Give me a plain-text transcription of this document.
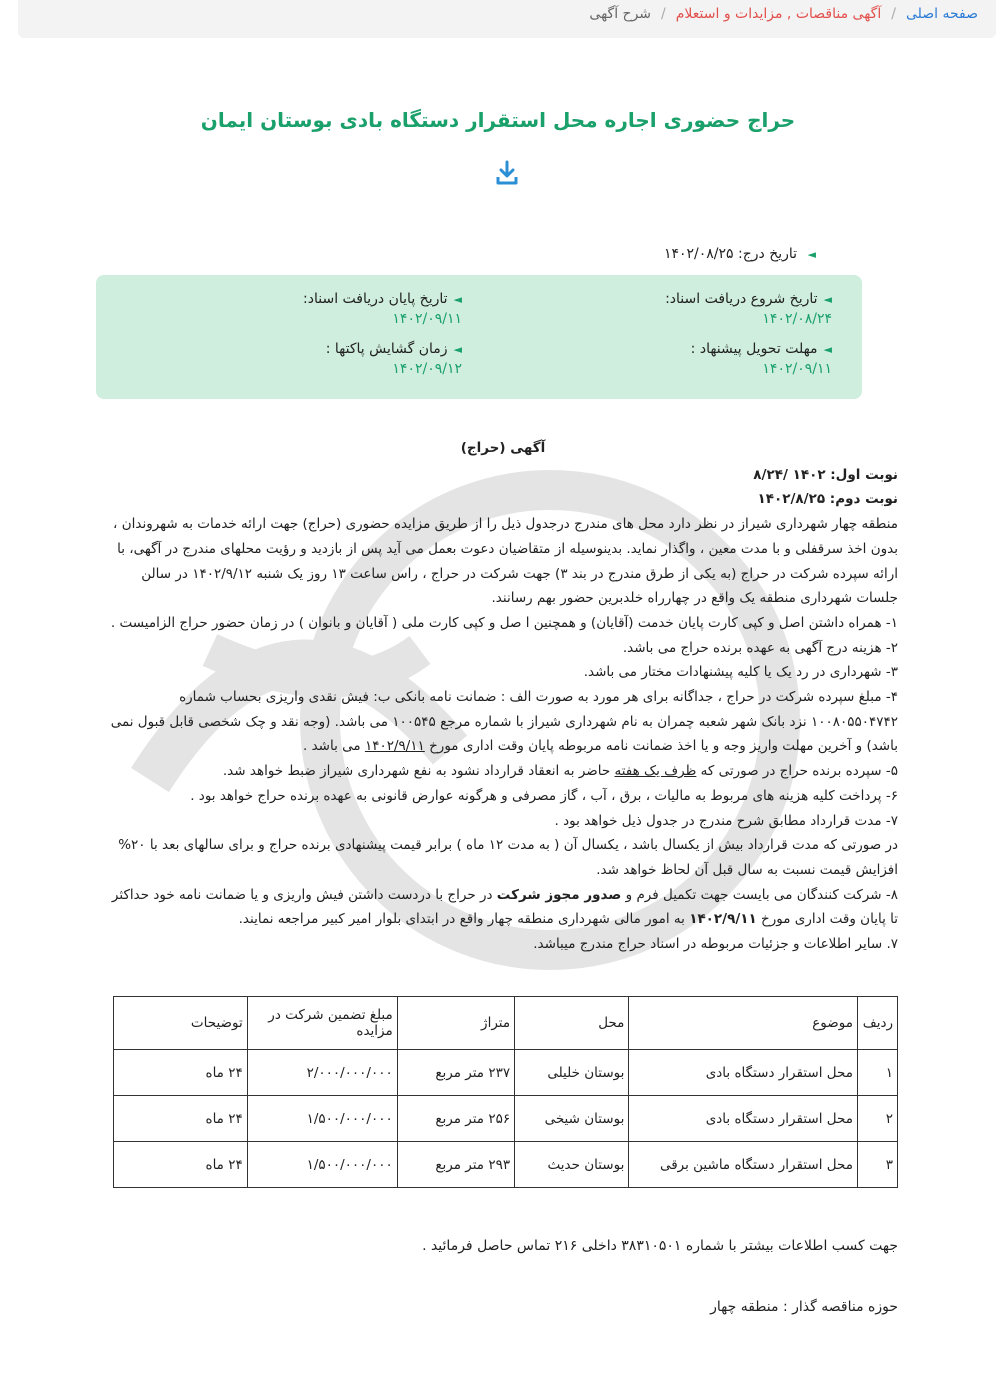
صفحه اصلی
/
آگهی مناقصات , مزایدات و استعلام
/
شرح آگهی
حراج حضوری اجاره محل استقرار دستگاه بادی بوستان ایمان
◄ تاریخ درج: ۱۴۰۲/۰۸/۲۵
◄تاریخ شروع دریافت اسناد:
۱۴۰۲/۰۸/۲۴
◄تاریخ پایان دریافت اسناد:
۱۴۰۲/۰۹/۱۱
◄مهلت تحویل پیشنهاد :
۱۴۰۲/۰۹/۱۱
◄زمان گشایش پاکتها :
۱۴۰۲/۰۹/۱۲

آگهی (حراج)

نوبت اول: ۱۴۰۲ /۸/۲۴

نوبت دوم: ۱۴۰۲/۸/۲۵

منطقه چهار شهرداری شیراز در نظر دارد محل های مندرج درجدول ذیل را از طریق مزایده حضوری (حراج) جهت ارائه خدمات به شهروندان ، بدون اخذ سرقفلی و با مدت معین ، واگذار نماید. بدینوسیله از متقاضیان دعوت بعمل می آید پس از بازدید و رؤیت محلهای مندرج در آگهی، با ارائه سپرده شرکت در حراج (به یکی از طرق مندرج در بند ۳) جهت شرکت در حراج ، راس ساعت ۱۳ روز یک شنبه ۱۴۰۲/۹/۱۲ در سالن جلسات شهرداری منطقه یک واقع در چهارراه خلدبرین حضور بهم رسانند.

۱- همراه داشتن اصل و کپی کارت پایان خدمت (آقایان) و همچنین ا صل و کپی کارت ملی ( آقایان و بانوان ) در زمان حضور حراج الزامیست .

۲- هزینه درج آگهی به عهده برنده حراج می باشد.

۳- شهرداری در رد یک یا کلیه پیشنهادات مختار می باشد.

۴- مبلغ سپرده شرکت در حراج ، جداگانه برای هر مورد به صورت الف : ضمانت نامه بانکی ب: فیش نقدی واریزی بحساب شماره ۱۰۰۸۰۵۵۰۴۷۴۲ نزد بانک شهر شعبه چمران به نام شهرداری شیراز با شماره مرجع ۱۰۰۵۴۵ می باشد. (وجه نقد و چک شخصی قابل قبول نمی باشد) و آخرین مهلت واریز وجه و یا اخذ ضمانت نامه مربوطه پایان وقت اداری مورخ ۱۴۰۲/۹/۱۱ می باشد .

۵- سپرده برنده حراج در صورتی که ظرف یک هفته حاضر به انعقاد قرارداد نشود به نفع شهرداری شیراز ضبط خواهد شد.

۶- پرداخت کلیه هزینه های مربوط به مالیات ، برق ، آب ، گاز مصرفی و هرگونه عوارض قانونی به عهده برنده حراج خواهد بود .

۷- مدت قرارداد مطابق شرح مندرج در جدول ذیل خواهد بود .

در صورتی که مدت قرارداد بیش از یکسال باشد ، یکسال آن ( به مدت ۱۲ ماه ) برابر قیمت پیشنهادی برنده حراج و برای سالهای بعد با ۲۰% افزایش قیمت نسبت به سال قبل آن لحاظ خواهد شد.

۸- شرکت کنندگان می بایست جهت تکمیل فرم و صدور مجوز شرکت در حراج با دردست داشتن فیش واریزی و یا ضمانت نامه خود حداکثر تا پایان وقت اداری مورخ ۱۴۰۲/۹/۱۱ به امور مالی شهرداری منطقه چهار واقع در ابتدای بلوار امیر کبیر مراجعه نمایند.

۷. سایر اطلاعات و جزئیات مربوطه در اسناد حراج مندرج میباشد.

ردیف	موضوع	محل	متراژ	مبلغ تضمین شرکت در مزایده	توضیحات
۱	محل استقرار دستگاه بادی	بوستان خلیلی	۲۳۷ متر مربع	۲/۰۰۰/۰۰۰/۰۰۰	۲۴ ماه
۲	محل استقرار دستگاه بادی	بوستان شیخی	۲۵۶ متر مربع	۱/۵۰۰/۰۰۰/۰۰۰	۲۴ ماه
۳	محل استقرار دستگاه ماشین برقی	بوستان حدیث	۲۹۳ متر مربع	۱/۵۰۰/۰۰۰/۰۰۰	۲۴ ماه
جهت کسب اطلاعات بیشتر با شماره ۳۸۳۱۰۵۰۱ داخلی ۲۱۶ تماس حاصل فرمائید .
حوزه مناقصه گذار : منطقه چهار
